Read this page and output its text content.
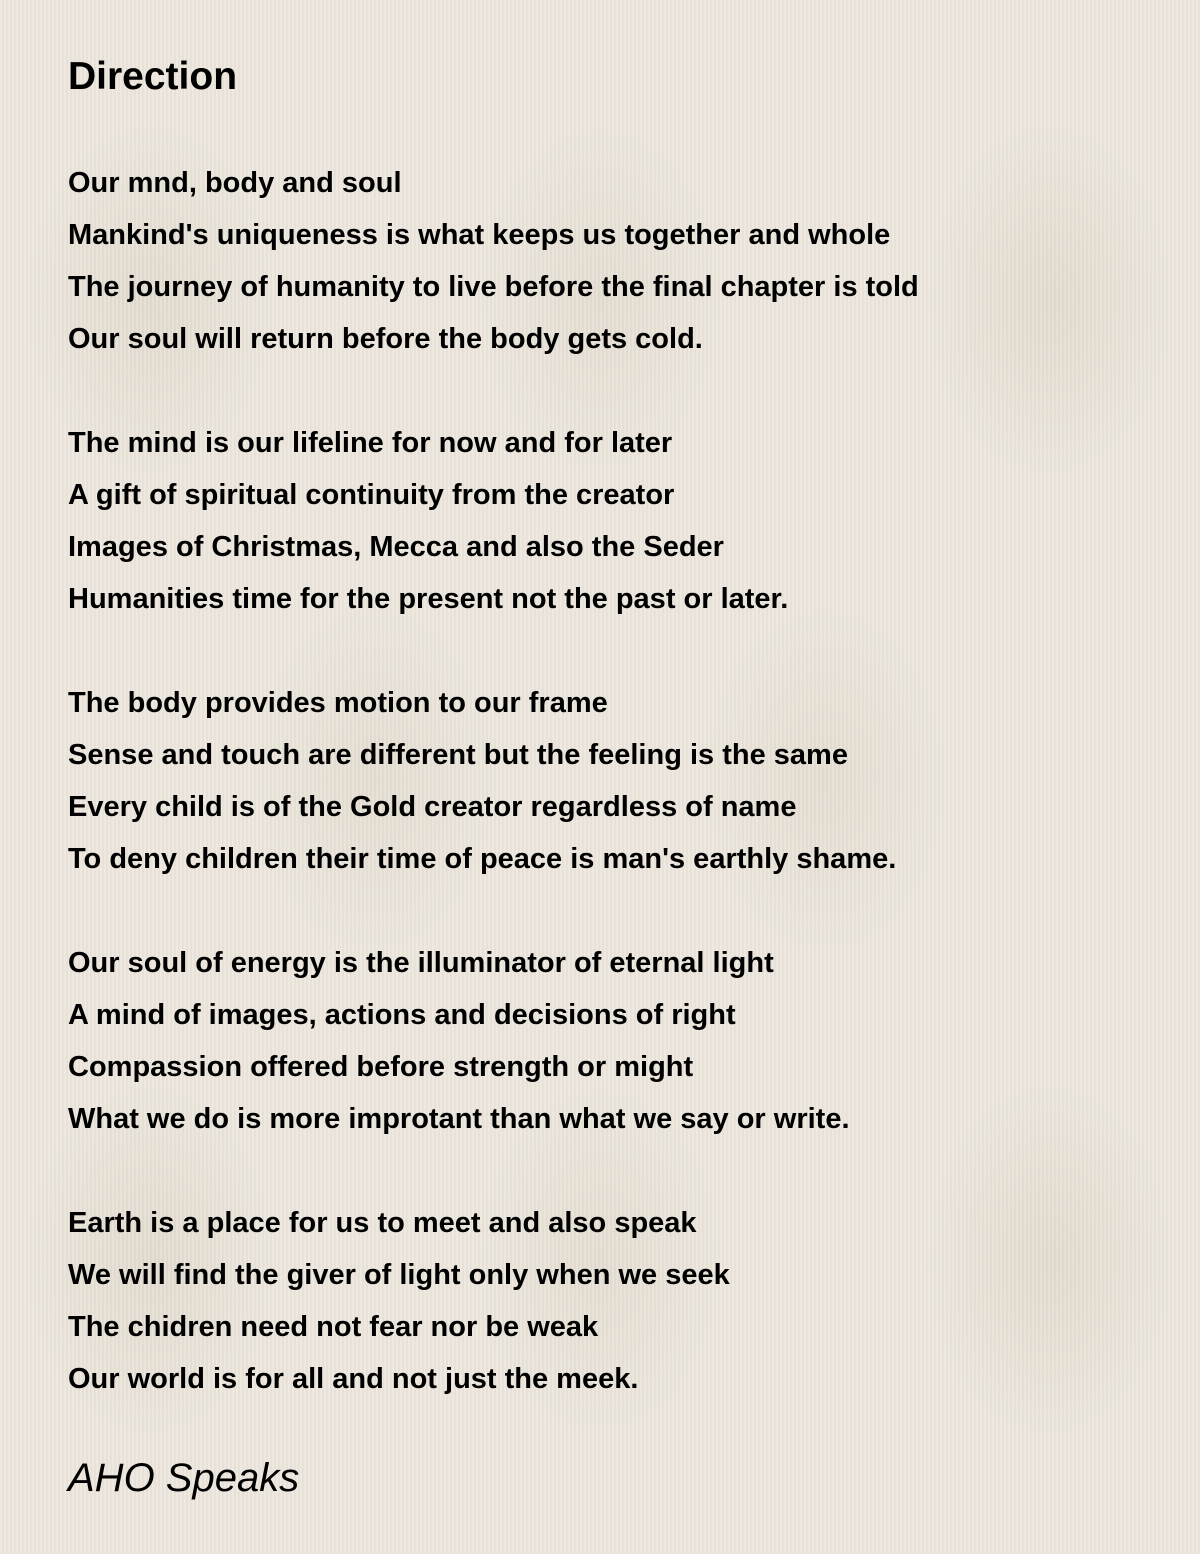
Direction
Our mnd, body and soul
Mankind's uniqueness is what keeps us together and whole
The journey of humanity to live before the final chapter is told
Our soul will return before the body gets cold.
The mind is our lifeline for now and for later
A gift of spiritual continuity from the creator
Images of Christmas, Mecca and also the Seder
Humanities time for the present not the past or later.
The body provides motion to our frame
Sense and touch are different but the feeling is the same
Every child is of the Gold creator regardless of name
To deny children their time of peace is man's earthly shame.
Our soul of energy is the illuminator of eternal light
A mind of images, actions and decisions of right
Compassion offered before strength or might
What we do is more improtant than what we say or write.
Earth is a place for us to meet and also speak
We will find the giver of light only when we seek
The chidren need not fear nor be weak
Our world is for all and not just the meek.
AHO Speaks
